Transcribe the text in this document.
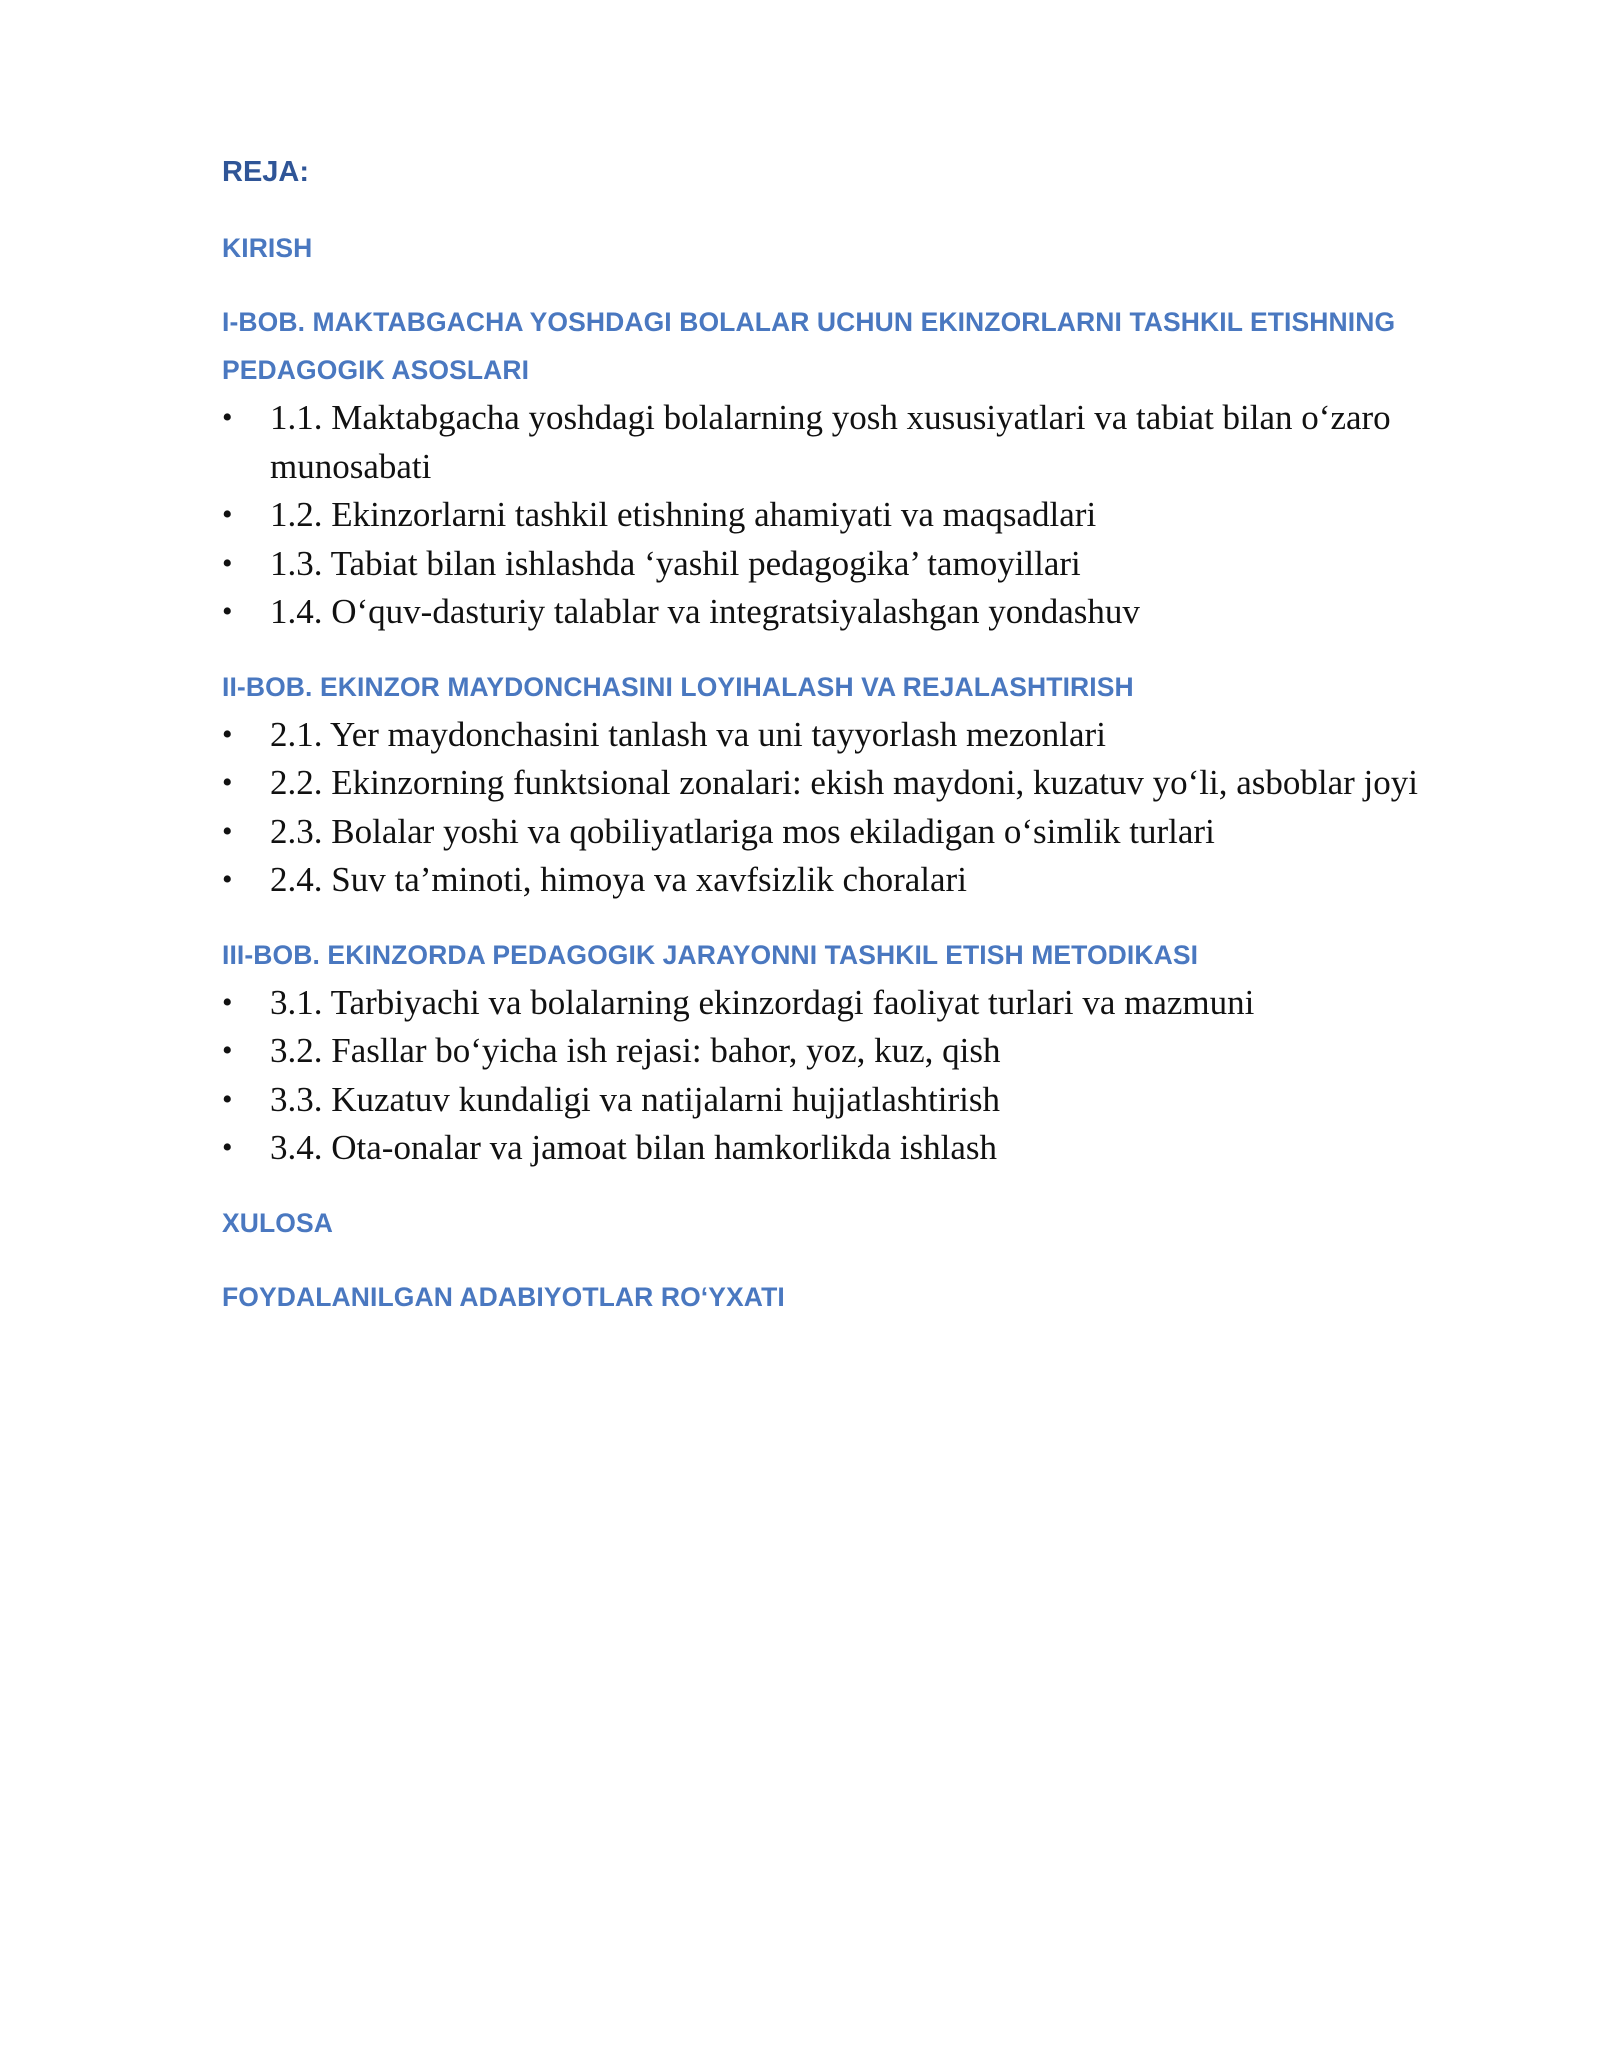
REJA:
KIRISH
I-BOB. MAKTABGACHA YOSHDAGI BOLALAR UCHUN EKINZORLARNI TASHKIL ETISHNING PEDAGOGIK ASOSLARI
• 1.1. Maktabgacha yoshdagi bolalarning yosh xususiyatlari va tabiat bilan o‘zaro munosabati
• 1.2. Ekinzorlarni tashkil etishning ahamiyati va maqsadlari
• 1.3. Tabiat bilan ishlashda ‘yashil pedagogika’ tamoyillari
• 1.4. O‘quv-dasturiy talablar va integratsiyalashgan yondashuv
II-BOB. EKINZOR MAYDONCHASINI LOYIHALASH VA REJALASHTIRISH
• 2.1. Yer maydonchasini tanlash va uni tayyorlash mezonlari
• 2.2. Ekinzorning funktsional zonalari: ekish maydoni, kuzatuv yo‘li, asboblar joyi
• 2.3. Bolalar yoshi va qobiliyatlariga mos ekiladigan o‘simlik turlari
• 2.4. Suv ta’minoti, himoya va xavfsizlik choralari
III-BOB. EKINZORDA PEDAGOGIK JARAYONNI TASHKIL ETISH METODIKASI
• 3.1. Tarbiyachi va bolalarning ekinzordagi faoliyat turlari va mazmuni
• 3.2. Fasllar bo‘yicha ish rejasi: bahor, yoz, kuz, qish
• 3.3. Kuzatuv kundaligi va natijalarni hujjatlashtirish
• 3.4. Ota-onalar va jamoat bilan hamkorlikda ishlash
XULOSA
FOYDALANILGAN ADABIYOTLAR RO‘YXATI
